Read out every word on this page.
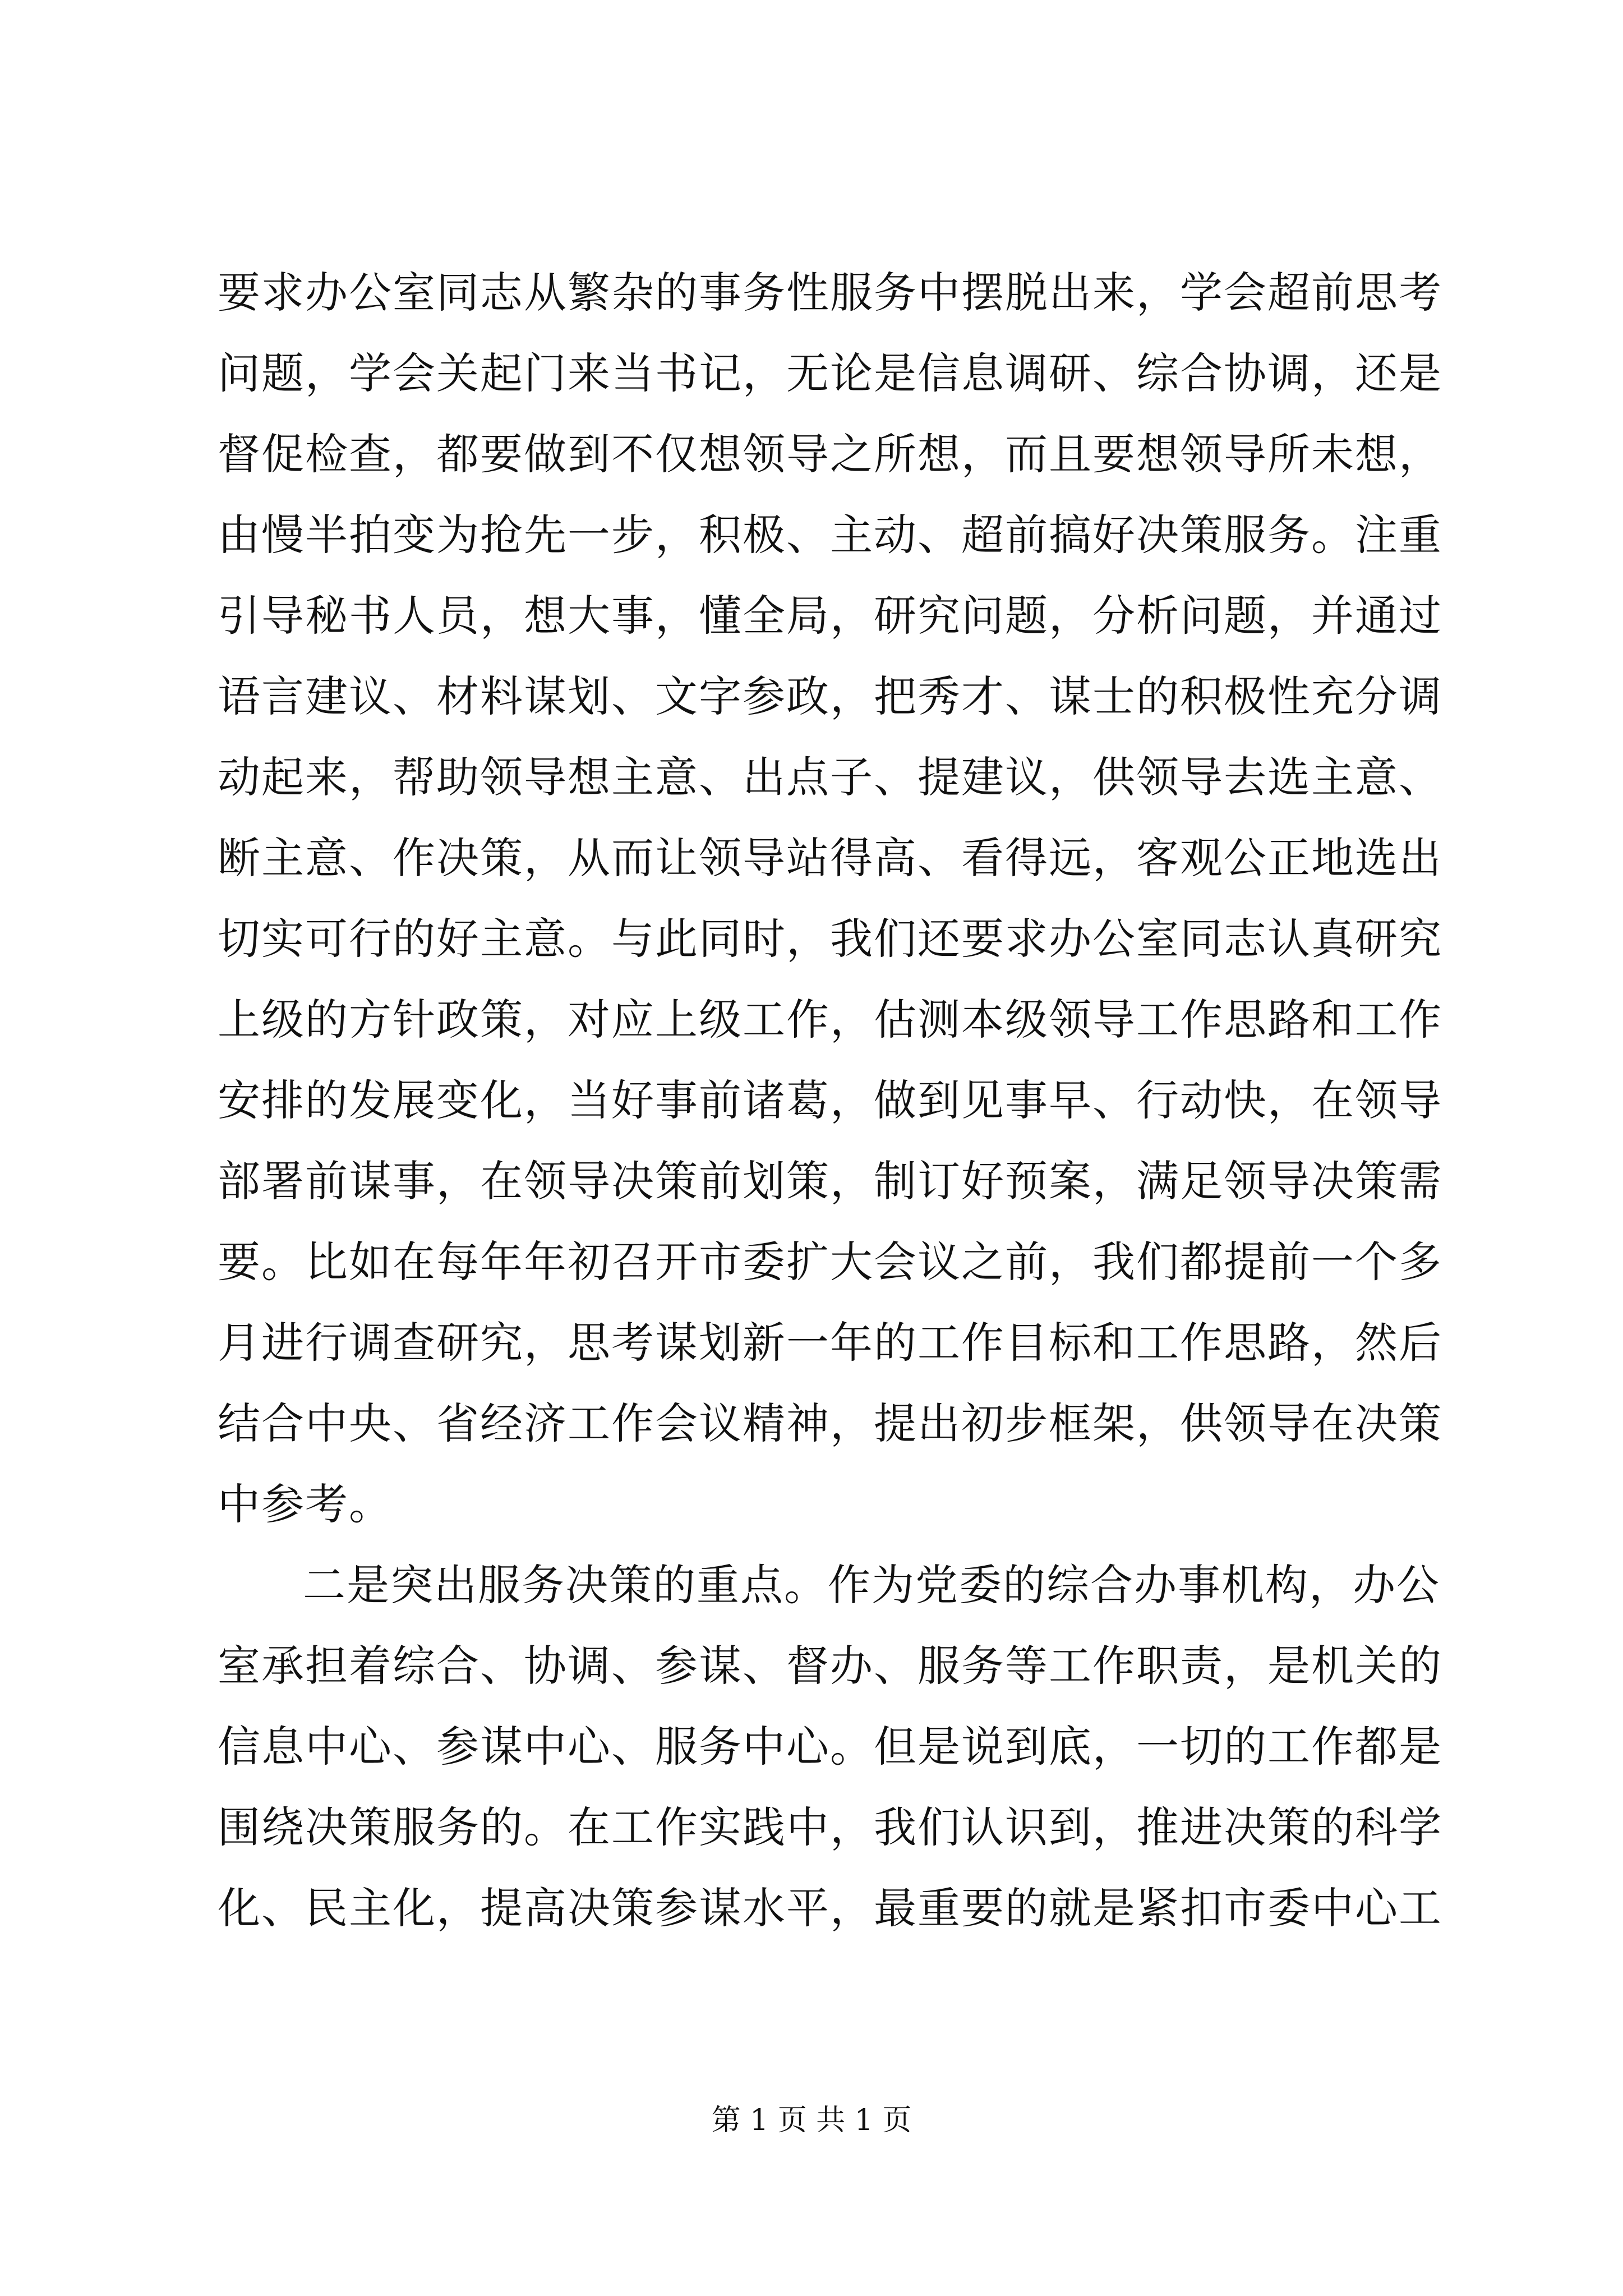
要求办公室同志从繁杂的事务性服务中摆脱出来，学会超前思考
问题，学会关起门来当书记，无论是信息调研、综合协调，还是
督促检查，都要做到不仅想领导之所想，而且要想领导所未想，
由慢半拍变为抢先一步，积极、主动、超前搞好决策服务。注重
引导秘书人员，想大事，懂全局，研究问题，分析问题，并通过
语言建议、材料谋划、文字参政，把秀才、谋士的积极性充分调
动起来，帮助领导想主意、出点子、提建议，供领导去选主意、
断主意、作决策，从而让领导站得高、看得远，客观公正地选出
切实可行的好主意。与此同时，我们还要求办公室同志认真研究
上级的方针政策，对应上级工作，估测本级领导工作思路和工作
安排的发展变化，当好事前诸葛，做到见事早、行动快，在领导
部署前谋事，在领导决策前划策，制订好预案，满足领导决策需
要。比如在每年年初召开市委扩大会议之前，我们都提前一个多
月进行调查研究，思考谋划新一年的工作目标和工作思路，然后
结合中央、省经济工作会议精神，提出初步框架，供领导在决策
中参考。
二是突出服务决策的重点。作为党委的综合办事机构，办公
室承担着综合、协调、参谋、督办、服务等工作职责，是机关的
信息中心、参谋中心、服务中心。但是说到底，一切的工作都是
围绕决策服务的。在工作实践中，我们认识到，推进决策的科学
化、民主化，提高决策参谋水平，最重要的就是紧扣市委中心工
第 1 页 共 1 页
